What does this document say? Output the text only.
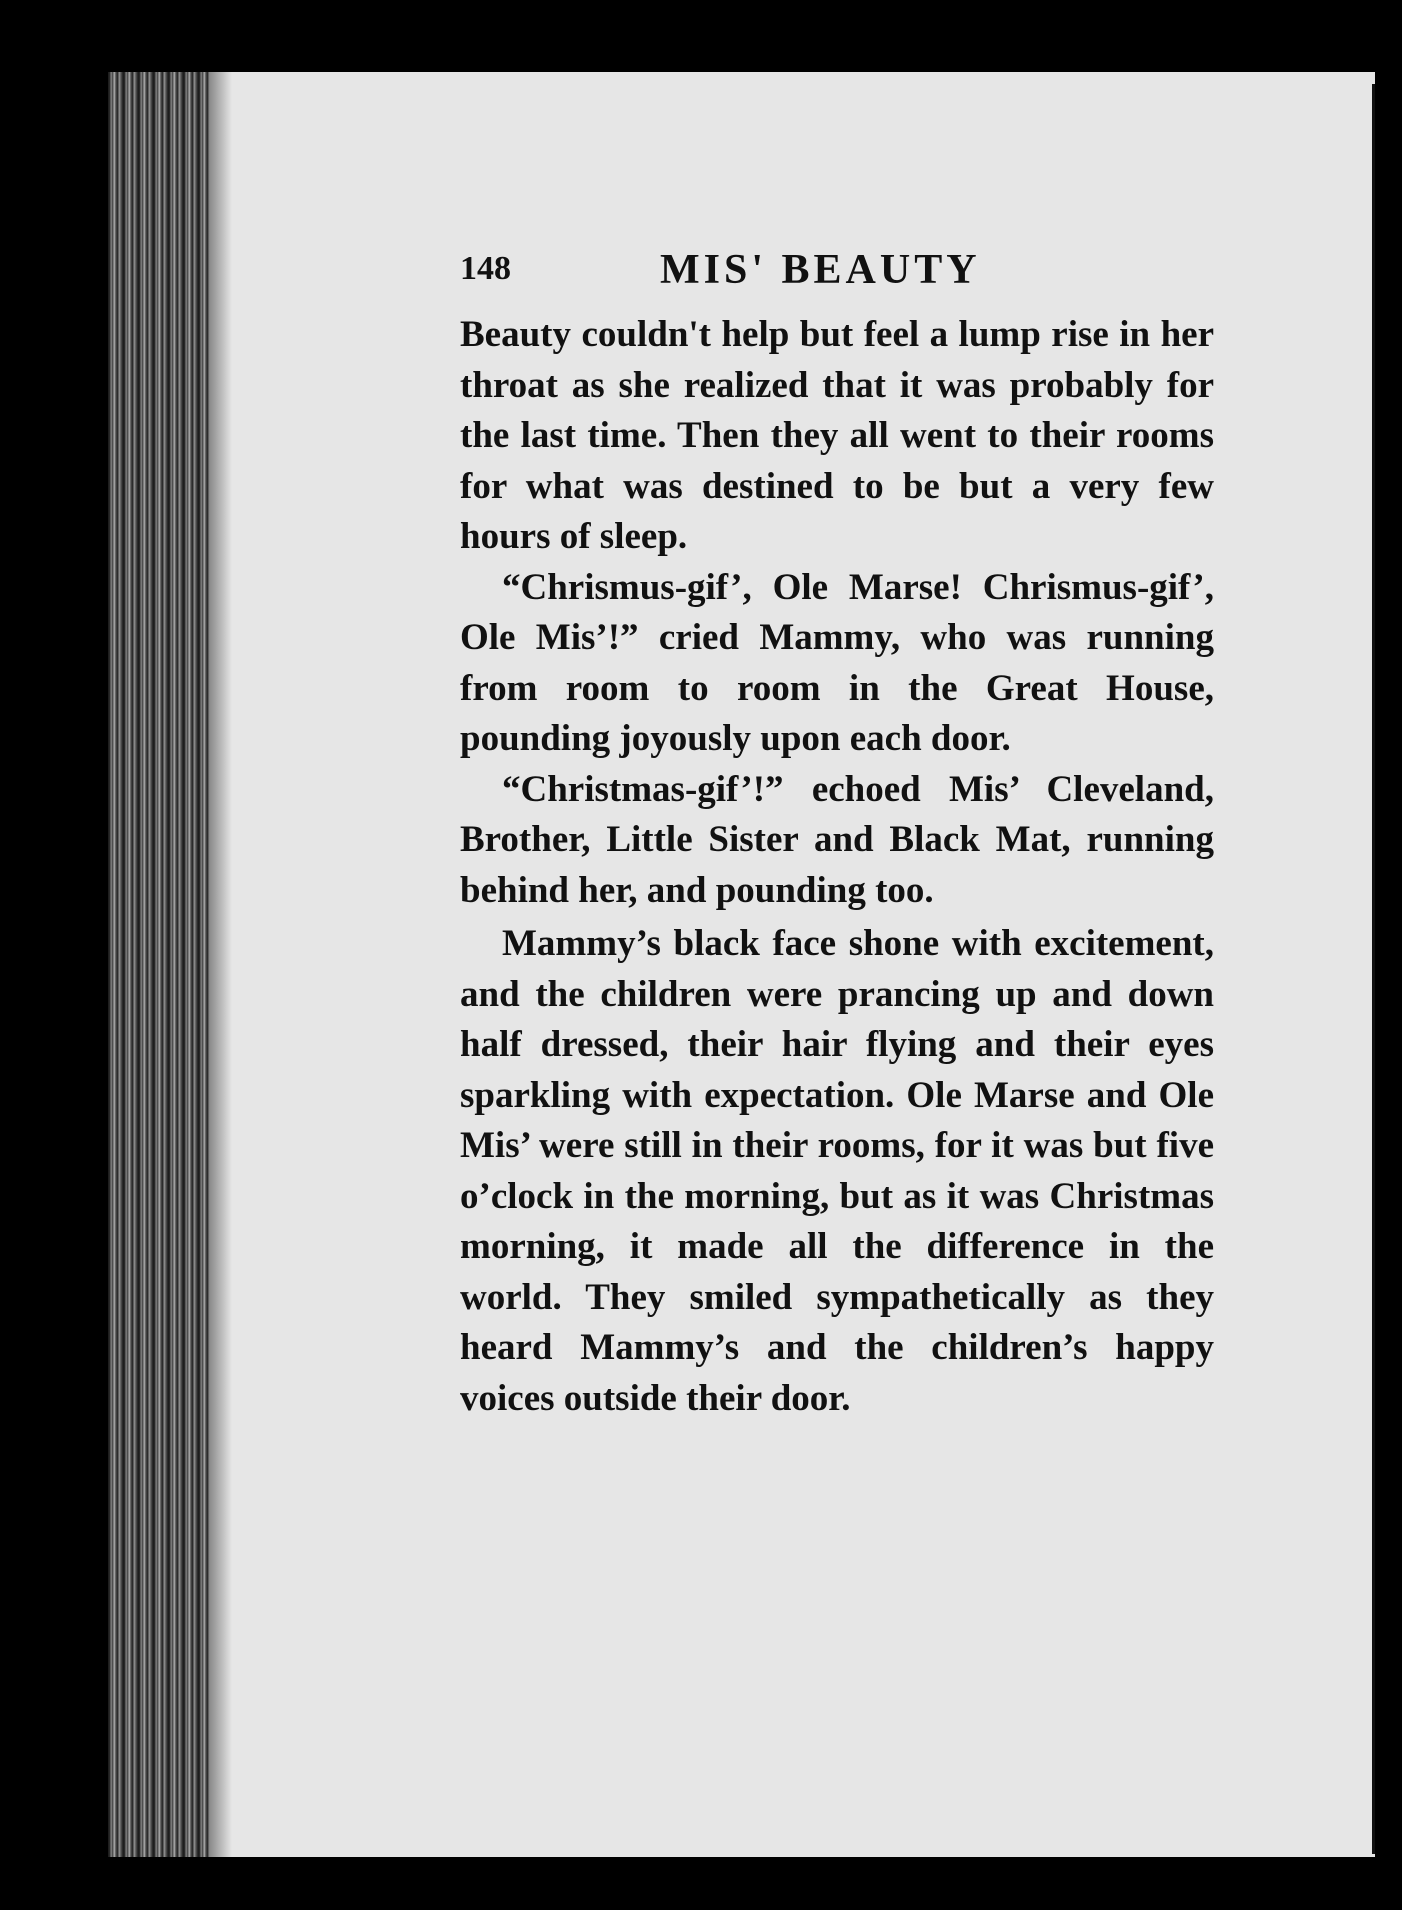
148	MIS' BEAUTY

Beauty couldn't help but feel a lump rise in her throat as she realized that it was probably for the last time. Then they all went to their rooms for what was destined to be but a very few hours of sleep.

“Chrismus-gif’, Ole Marse! Chrismus-gif’, Ole Mis’!” cried Mammy, who was running from room to room in the Great House, pounding joyously upon each door.

“Christmas-gif’!” echoed Mis’ Cleveland, Brother, Little Sister and Black Mat, running behind her, and pounding too.

Mammy’s black face shone with excitement, and the children were prancing up and down half dressed, their hair flying and their eyes sparkling with expectation. Ole Marse and Ole Mis’ were still in their rooms, for it was but five o’clock in the morning, but as it was Christmas morning, it made all the difference in the world. They smiled sympathetically as they heard Mammy’s and the children’s happy voices outside their door.
